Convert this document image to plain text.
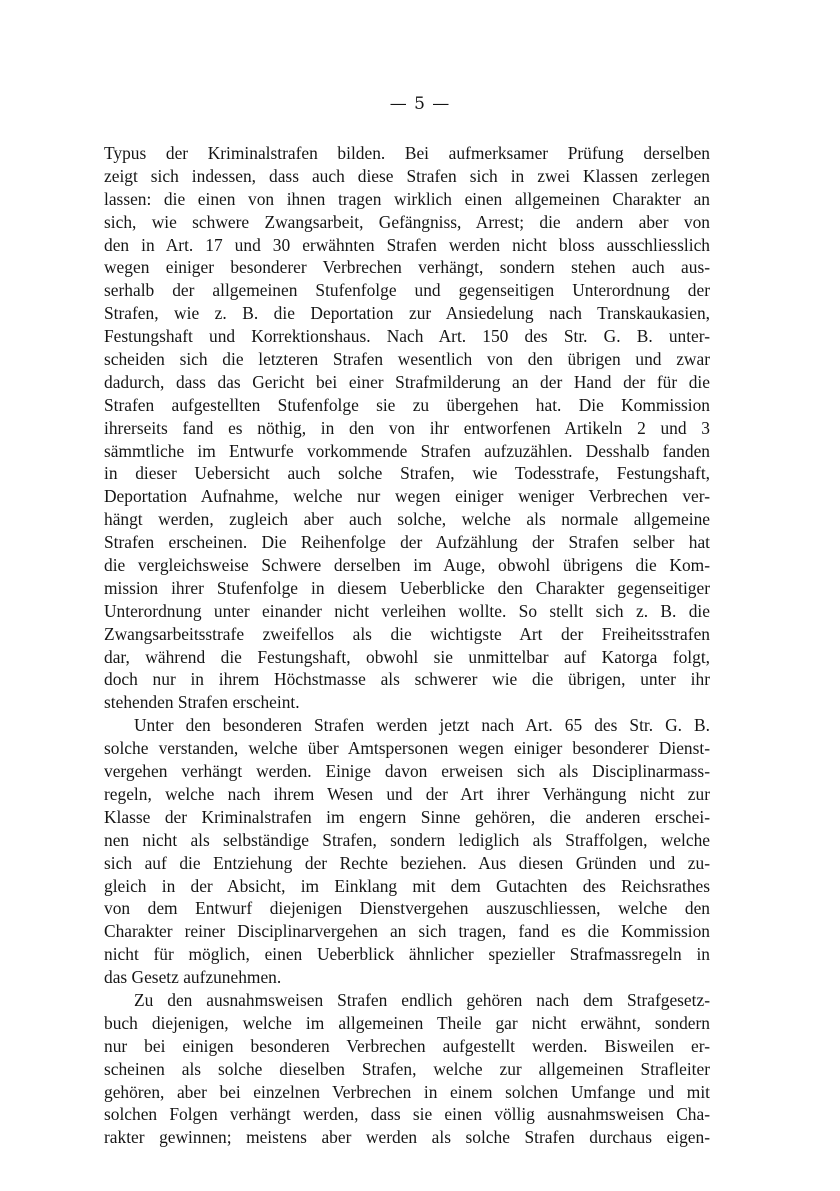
— 5 —
Typus der Kriminalstrafen bilden. Bei aufmerksamer Prüfung derselben
zeigt sich indessen, dass auch diese Strafen sich in zwei Klassen zerlegen
lassen: die einen von ihnen tragen wirklich einen allgemeinen Charakter an
sich, wie schwere Zwangsarbeit, Gefängniss, Arrest; die andern aber von
den in Art. 17 und 30 erwähnten Strafen werden nicht bloss ausschliesslich
wegen einiger besonderer Verbrechen verhängt, sondern stehen auch aus-
serhalb der allgemeinen Stufenfolge und gegenseitigen Unterordnung der
Strafen, wie z. B. die Deportation zur Ansiedelung nach Transkaukasien,
Festungshaft und Korrektionshaus. Nach Art. 150 des Str. G. B. unter-
scheiden sich die letzteren Strafen wesentlich von den übrigen und zwar
dadurch, dass das Gericht bei einer Strafmilderung an der Hand der für die
Strafen aufgestellten Stufenfolge sie zu übergehen hat. Die Kommission
ihrerseits fand es nöthig, in den von ihr entworfenen Artikeln 2 und 3
sämmtliche im Entwurfe vorkommende Strafen aufzuzählen. Desshalb fanden
in dieser Uebersicht auch solche Strafen, wie Todesstrafe, Festungshaft,
Deportation Aufnahme, welche nur wegen einiger weniger Verbrechen ver-
hängt werden, zugleich aber auch solche, welche als normale allgemeine
Strafen erscheinen. Die Reihenfolge der Aufzählung der Strafen selber hat
die vergleichsweise Schwere derselben im Auge, obwohl übrigens die Kom-
mission ihrer Stufenfolge in diesem Ueberblicke den Charakter gegenseitiger
Unterordnung unter einander nicht verleihen wollte. So stellt sich z. B. die
Zwangsarbeitsstrafe zweifellos als die wichtigste Art der Freiheitsstrafen
dar, während die Festungshaft, obwohl sie unmittelbar auf Katorga folgt,
doch nur in ihrem Höchstmasse als schwerer wie die übrigen, unter ihr
stehenden Strafen erscheint.
Unter den besonderen Strafen werden jetzt nach Art. 65 des Str. G. B.
solche verstanden, welche über Amtspersonen wegen einiger besonderer Dienst-
vergehen verhängt werden. Einige davon erweisen sich als Disciplinarmass-
regeln, welche nach ihrem Wesen und der Art ihrer Verhängung nicht zur
Klasse der Kriminalstrafen im engern Sinne gehören, die anderen erschei-
nen nicht als selbständige Strafen, sondern lediglich als Straffolgen, welche
sich auf die Entziehung der Rechte beziehen. Aus diesen Gründen und zu-
gleich in der Absicht, im Einklang mit dem Gutachten des Reichsrathes
von dem Entwurf diejenigen Dienstvergehen auszuschliessen, welche den
Charakter reiner Disciplinarvergehen an sich tragen, fand es die Kommission
nicht für möglich, einen Ueberblick ähnlicher spezieller Strafmassregeln in
das Gesetz aufzunehmen.
Zu den ausnahmsweisen Strafen endlich gehören nach dem Strafgesetz-
buch diejenigen, welche im allgemeinen Theile gar nicht erwähnt, sondern
nur bei einigen besonderen Verbrechen aufgestellt werden. Bisweilen er-
scheinen als solche dieselben Strafen, welche zur allgemeinen Strafleiter
gehören, aber bei einzelnen Verbrechen in einem solchen Umfange und mit
solchen Folgen verhängt werden, dass sie einen völlig ausnahmsweisen Cha-
rakter gewinnen; meistens aber werden als solche Strafen durchaus eigen-
